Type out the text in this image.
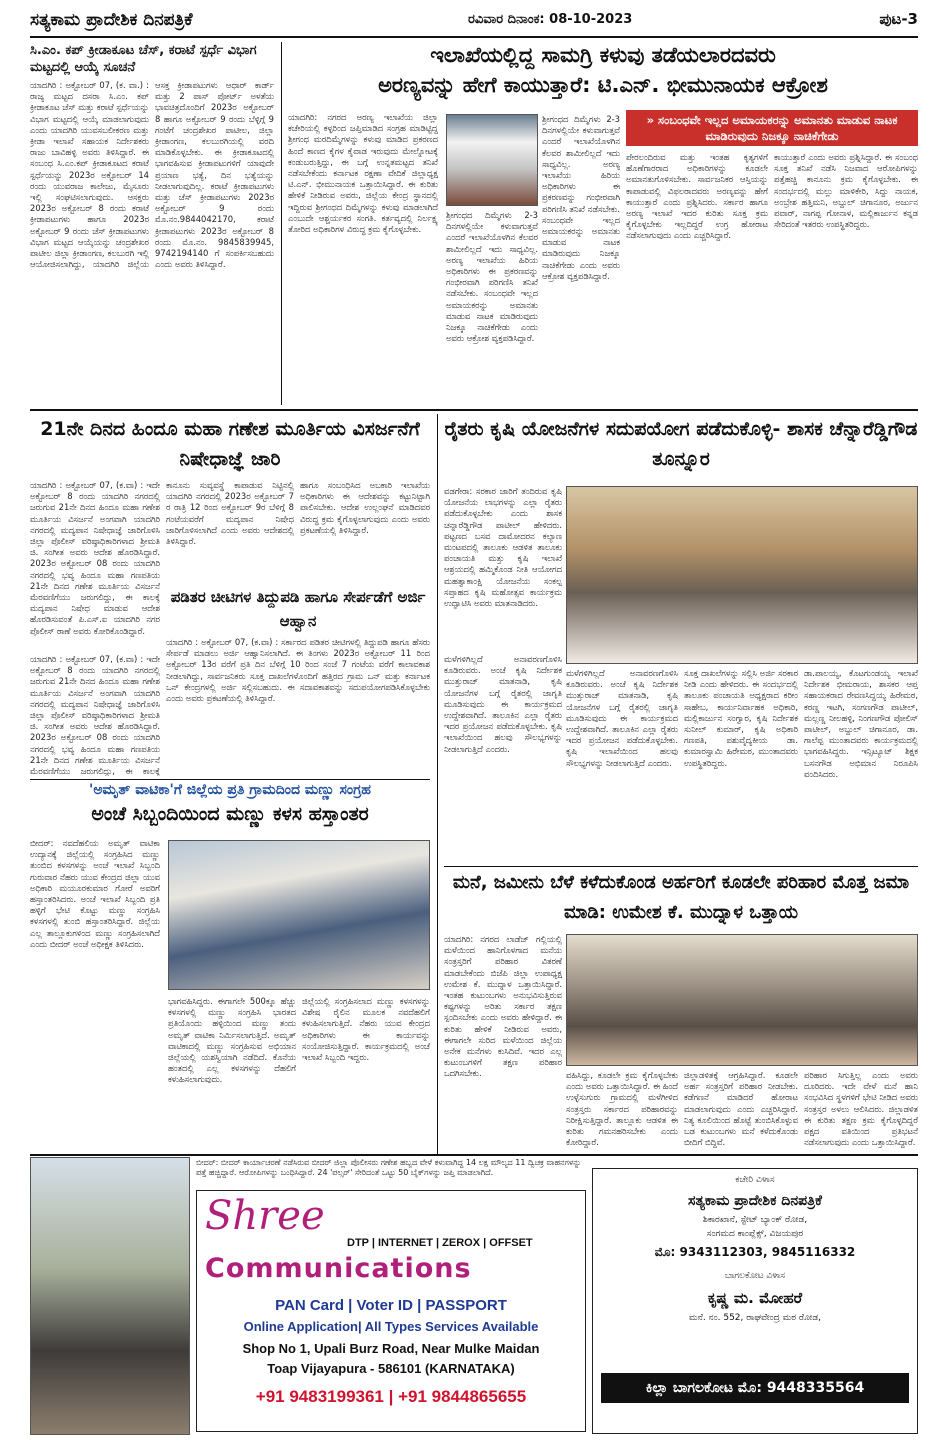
ಸತ್ಯಕಾಮ ಪ್ರಾದೇಶಿಕ ದಿನಪತ್ರಿಕೆ	ರವಿವಾರ ದಿನಾಂಕ: 08-10-2023	ಪುಟ-3
ಸಿ.ಎಂ. ಕಪ್ ಕ್ರೀಡಾಕೂಟ ಚೆಸ್, ಕರಾಟೆ ಸ್ಪರ್ಧೆ ವಿಭಾಗ ಮಟ್ಟದಲ್ಲಿ ಆಯ್ಕೆ ಸೂಚನೆ
ಯಾದಗಿರಿ : ಅಕ್ಟೋಬರ್ 07, (ಕ. ವಾ.) : ರಾಜ್ಯ ಮಟ್ಟದ ದಸರಾ ಸಿ.ಎಂ. ಕಪ್ ಕ್ರೀಡಾಕೂಟ ಚೆಸ್ ಮತ್ತು ಕರಾಟೆ ಸ್ಪರ್ಧೆಯನ್ನು ವಿಭಾಗ ಮಟ್ಟದಲ್ಲಿ ಆಯ್ಕೆ ಮಾಡಲಾಗುವುದು ಎಂದು ಯಾದಗಿರಿ ಯುವಸಬಲೀಕರಣ ಮತ್ತು ಕ್ರೀಡಾ ಇಲಾಖೆ ಸಹಾಯಕ ನಿರ್ದೇಶಕರು ರಾಜು ಬಾವಿಹಳ್ಳಿ ಅವರು ತಿಳಿಸಿದ್ದಾರೆ. ಈ ಸಂಬಂಧ ಸಿ.ಎಂ.ಕಪ್ ಕ್ರೀಡಾಕೂಟದ ಕರಾಟೆ ಸ್ಪರ್ಧೆಯನ್ನು 2023ರ ಅಕ್ಟೋಬರ್ 14 ರಂದು ಯುವರಾಜ ಕಾಲೇಜು, ಮೈಸೂರು ಇಲ್ಲಿ ಸಂಘಟಿಸಲಾಗುವುದು. ಆಸಕ್ತರು 2023ರ ಅಕ್ಟೋಬರ್ 8 ರಂದು ಕರಾಟೆ ಕ್ರೀಡಾಪಟುಗಳು ಹಾಗೂ 2023ರ ಅಕ್ಟೋಬರ್ 9 ರಂದು ಚೆಸ್ ಕ್ರೀಡಾಪಟುಗಳು ವಿಭಾಗ ಮಟ್ಟದ ಆಯ್ಕೆಯನ್ನು ಚಂದ್ರಶೇಖರ ಪಾಟೀಲ ಜಿಲ್ಲಾ ಕ್ರೀಡಾಂಗಣ, ಕಲಬುರಗಿ ಇಲ್ಲಿ ಆಯೋಜಿಸಲಾಗಿದ್ದು, ಯಾದಗಿರಿ ಜಿಲ್ಲೆಯ ಆಸಕ್ತ ಕ್ರೀಡಾಪಟುಗಳು ಆಧಾರ್ ಕಾರ್ಡ್ ಮತ್ತು 2 ಪಾಸ್ ಪೋರ್ಟ್ ಅಳತೆಯ ಭಾವಚಿತ್ರದೊಂದಿಗೆ 2023ರ ಅಕ್ಟೋಬರ್ 8 ಹಾಗೂ ಅಕ್ಟೋಬರ್ 9 ರಂದು ಬೆಳ್ಳಿಗ್ಗೆ 9 ಗಂಟೆಗೆ ಚಂದ್ರಶೇಖರ ಪಾಟೀಲ, ಜಿಲ್ಲಾ ಕ್ರೀಡಾಂಗಣ, ಕಲಬುರಗಿಯಲ್ಲಿ ವರದಿ ಮಾಡಿಕೊಳ್ಳಬೇಕು. ಈ ಕ್ರೀಡಾಕೂಟದಲ್ಲಿ ಭಾಗವಹಿಸುವ ಕ್ರೀಡಾಪಟುಗಳಿಗೆ ಯಾವುದೇ ಪ್ರಯಾಣ ಭತ್ಯೆ, ದಿನ ಭತ್ಯೆಯನ್ನು ನೀಡಲಾಗುವುದಿಲ್ಲ. ಕರಾಟೆ ಕ್ರೀಡಾಪಟುಗಳು ಮತ್ತು ಚೆಸ್ ಕ್ರೀಡಾಪಟುಗಳು 2023ರ ಅಕ್ಟೋಬರ್ 9 ರಂದು ಮೊ.ನಂ.9844042170, ಕರಾಟೆ ಕ್ರೀಡಾಪಟುಗಳು 2023ರ ಅಕ್ಟೋಬರ್ 8 ರಂದು ಮೊ.ನಂ. 9845839945, 9742194140 ಗೆ ಸಂಪರ್ಕಿಸಬಹುದು ಎಂದು ಅವರು ತಿಳಿಸಿದ್ದಾರೆ.
ಇಲಾಖೆಯಲ್ಲಿದ್ದ ಸಾಮಗ್ರಿ ಕಳುವು ತಡೆಯಲಾರದವರು
ಅರಣ್ಯವನ್ನು ಹೇಗೆ ಕಾಯುತ್ತಾರೆ: ಟಿ.ಎನ್. ಭೀಮುನಾಯಕ ಆಕ್ರೋಶ
ಯಾದಗಿರಿ: ನಗರದ ಅರಣ್ಯ ಇಲಾಖೆಯ ಜಿಲ್ಲಾ ಕಚೇರಿಯಲ್ಲಿ ಕಳ್ಳರಿಂದ ಜಪ್ತಿಮಾಡಿದ ಸಂಗ್ರಹ ಮಾಡಿಟ್ಟಿದ್ದ ಶ್ರೀಗಂಧ ಮರದಿಮ್ಮೆಗಳನ್ನು ಕಳುವು ಮಾಡಿದ ಪ್ರಕರಣದ ಹಿಂದೆ ಕಾಣದ ಕೈಗಳ ಕೈವಾಡ ಇರುವುದು ಮೇಲ್ನೋಟಕ್ಕೆ ಕಂಡುಬರುತ್ತಿದ್ದು, ಈ ಬಗ್ಗೆ ಉನ್ನತಮಟ್ಟದ ತನಿಖೆ ನಡೆಸಬೇಕೆಂದು ಕರ್ನಾಟಕ ರಕ್ಷಣಾ ವೇದಿಕೆ ಜಿಲ್ಲಾಧ್ಯಕ್ಷ ಟಿ.ಎನ್. ಭೀಮುನಾಯಕ ಒತ್ತಾಯಿಸಿದ್ದಾರೆ. ಈ ಕುರಿತು ಹೇಳಿಕೆ ನೀಡಿರುವ ಅವರು, ಜಿಲ್ಲೆಯ ಕೇಂದ್ರ ಸ್ಥಾನದಲ್ಲಿ ಇದ್ದಿರುವ ಶ್ರೀಗಂಧದ ದಿಮ್ಮೆಗಳನ್ನು ಕಳುವು ಮಾಡಲಾಗಿದೆ ಎಂಬುದೇ ಆಶ್ಚರ್ಯಕರ ಸಂಗತಿ. ಕರ್ತವ್ಯದಲ್ಲಿ ನಿರ್ಲಕ್ಷ್ಯ ತೋರಿದ ಅಧಿಕಾರಿಗಳ ವಿರುದ್ಧ ಕ್ರಮ ಕೈಗೊಳ್ಳಬೇಕು.
ಶ್ರೀಗಂಧದ ದಿಮ್ಮೆಗಳು 2-3 ದಿನಗಳಲ್ಲಿಯೇ ಕಳುವಾಗುತ್ತವೆ ಎಂದರೆ ಇಲಾಖೆಯೊಳಗಿನ ಕೆಲವರ ಶಾಮೀಲಿಲ್ಲದೆ ಇದು ಸಾಧ್ಯವಿಲ್ಲ. ಅರಣ್ಯ ಇಲಾಖೆಯ ಹಿರಿಯ ಅಧಿಕಾರಿಗಳು ಈ ಪ್ರಕರಣವನ್ನು ಗಂಭೀರವಾಗಿ ಪರಿಗಣಿಸಿ ತನಿಖೆ ನಡೆಸಬೇಕು. ಸಂಬಂಧವೇ ಇಲ್ಲದ ಅಮಾಯಕರನ್ನು ಅಮಾನತು ಮಾಡುವ ನಾಟಕ ಮಾಡಿರುವುದು ನಿಜಕ್ಕೂ ನಾಚಿಕೆಗೇಡು ಎಂದು ಅವರು ಆಕ್ರೋಶ ವ್ಯಕ್ತಪಡಿಸಿದ್ದಾರೆ.
ಶ್ರೀಗಂಧದ ದಿಮ್ಮೆಗಳು 2-3 ದಿನಗಳಲ್ಲಿಯೇ ಕಳುವಾಗುತ್ತವೆ ಎಂದರೆ ಇಲಾಖೆಯೊಳಗಿನ ಕೆಲವರ ಶಾಮೀಲಿಲ್ಲದೆ ಇದು ಸಾಧ್ಯವಿಲ್ಲ. ಅರಣ್ಯ ಇಲಾಖೆಯ ಹಿರಿಯ ಅಧಿಕಾರಿಗಳು ಈ ಪ್ರಕರಣವನ್ನು ಗಂಭೀರವಾಗಿ ಪರಿಗಣಿಸಿ ತನಿಖೆ ನಡೆಸಬೇಕು. ಸಂಬಂಧವೇ ಇಲ್ಲದ ಅಮಾಯಕರನ್ನು ಅಮಾನತು ಮಾಡುವ ನಾಟಕ ಮಾಡಿರುವುದು ನಿಜಕ್ಕೂ ನಾಚಿಕೆಗೇಡು ಎಂದು ಅವರು ಆಕ್ರೋಶ ವ್ಯಕ್ತಪಡಿಸಿದ್ದಾರೆ.
» ಸಂಬಂಧವೇ ಇಲ್ಲದ ಅಮಾಯಕರನ್ನು ಅಮಾನತು ಮಾಡುವ ನಾಟಕ ಮಾಡಿರುವುದು ನಿಜಕ್ಕೂ ನಾಚಿಕೆಗೇಡು
ಪೇರಲಂದಿರುವ ಮತ್ತು ಇಂತಹ ಕೃತ್ಯಗಳಿಗೆ ಹೊಣೆಗಾರರಾದ ಅಧಿಕಾರಿಗಳನ್ನು ಕೂಡಲೇ ಅಮಾನತುಗೊಳಿಸಬೇಕು. ಸಾರ್ವಜನಿಕರ ಆಸ್ತಿಯನ್ನು ಕಾಪಾಡುವಲ್ಲಿ ವಿಫಲರಾದವರು ಅರಣ್ಯವನ್ನು ಹೇಗೆ ಕಾಯುತ್ತಾರೆ ಎಂದು ಪ್ರಶ್ನಿಸಿದರು. ಸರ್ಕಾರ ಹಾಗೂ ಅರಣ್ಯ ಇಲಾಖೆ ಇದರ ಕುರಿತು ಸೂಕ್ತ ಕ್ರಮ ಕೈಗೊಳ್ಳಬೇಕು ಇಲ್ಲದಿದ್ದರೆ ಉಗ್ರ ಹೋರಾಟ ನಡೆಸಲಾಗುವುದು ಎಂದು ಎಚ್ಚರಿಸಿದ್ದಾರೆ.
ಕಾಯುತ್ತಾರೆ ಎಂದು ಅವರು ಪ್ರಶ್ನಿಸಿದ್ದಾರೆ. ಈ ಸಂಬಂಧ ಸೂಕ್ತ ತನಿಖೆ ನಡೆಸಿ ನಿಜವಾದ ಆರೋಪಿಗಳನ್ನು ಪತ್ತೆಹಚ್ಚಿ ಕಾನೂನು ಕ್ರಮ ಕೈಗೊಳ್ಳಬೇಕು. ಈ ಸಂದರ್ಭದಲ್ಲಿ ಮಲ್ಲು ಮಾಳಿಕೇರಿ, ಸಿದ್ದು ನಾಯಕ, ಅಂಬ್ರೇಶ ಹತ್ತಿಮನಿ, ಅಬ್ದುಲ್ ಚಿಗಾನೂರ, ಅರ್ಜುನ ಪವಾರ್, ನಾಗಪ್ಪ ಗೋನಾಳ, ಮಲ್ಲಿಕಾರ್ಜುನ ಕನ್ನಡ ಸೇರಿದಂತೆ ಇತರರು ಉಪಸ್ಥಿತರಿದ್ದರು.
21ನೇ ದಿನದ ಹಿಂದೂ ಮಹಾ ಗಣೇಶ ಮೂರ್ತಿಯ ವಿಸರ್ಜನೆಗೆ ನಿಷೇಧಾಜ್ಞೆ ಜಾರಿ
ಯಾದಗಿರಿ : ಅಕ್ಟೋಬರ್ 07, (ಕ.ವಾ) : ಇದೇ ಅಕ್ಟೋಬರ್ 8 ರಂದು ಯಾದಗಿರಿ ನಗರದಲ್ಲಿ ಜರುಗುವ 21ನೇ ದಿನದ ಹಿಂದೂ ಮಹಾ ಗಣೇಶ ಮೂರ್ತಿಯ ವಿಸರ್ಜನೆ ಅಂಗವಾಗಿ ಯಾದಗಿರಿ ನಗರದಲ್ಲಿ ಮದ್ಯಪಾನ ನಿಷೇಧಾಜ್ಞೆ ಜಾರಿಗೊಳಿಸಿ ಜಿಲ್ಲಾ ಪೊಲೀಸ್ ವರಿಷ್ಠಾಧಿಕಾರಿಗಳಾದ ಶ್ರೀಮತಿ ಜಿ. ಸಂಗೀತ ಅವರು ಆದೇಶ ಹೊರಡಿಸಿದ್ದಾರೆ. 2023ರ ಅಕ್ಟೋಬರ್ 08 ರಂದು ಯಾದಗಿರಿ ನಗರದಲ್ಲಿ ಭವ್ಯ ಹಿಂದೂ ಮಹಾ ಗಣಪತಿಯ 21ನೇ ದಿನದ ಗಣೇಶ ಮೂರ್ತಿಯ ವಿಸರ್ಜನೆ ಮೆರವಣಿಗೆಯು ಜರುಗಲಿದ್ದು, ಈ ಕಾಲಕ್ಕೆ ಮದ್ಯಪಾನ ನಿಷೇಧ ಮಾಡುವ ಆದೇಶ ಹೊರಡಿಸುವಂತೆ ಪಿ.ಎಸ್.ಐ ಯಾದಗಿರಿ ನಗರ ಪೊಲೀಸ್ ಠಾಣೆ ಅವರು ಕೋರಿಕೊಂಡಿದ್ದಾರೆ.
ಕಾನೂನು ಸುವ್ಯವಸ್ಥೆ ಕಾಪಾಡುವ ನಿಟ್ಟಿನಲ್ಲಿ ಯಾದಗಿರಿ ನಗರದಲ್ಲಿ 2023ರ ಅಕ್ಟೋಬರ್ 7 ರ ರಾತ್ರಿ 12 ರಿಂದ ಅಕ್ಟೋಬರ್ 9ರ ಬೆಳಿಗ್ಗೆ 8 ಗಂಟೆಯವರೆಗೆ ಮದ್ಯಪಾನ ನಿಷೇಧ ಜಾರಿಗೊಳಿಸಲಾಗಿದೆ ಎಂದು ಅವರು ಆದೇಶದಲ್ಲಿ ತಿಳಿಸಿದ್ದಾರೆ.
ಹಾಗೂ ಸಂಬಂಧಿಸಿದ ಅಬಕಾರಿ ಇಲಾಖೆಯ ಅಧಿಕಾರಿಗಳು ಈ ಆದೇಶವನ್ನು ಕಟ್ಟುನಿಟ್ಟಾಗಿ ಪಾಲಿಸಬೇಕು. ಆದೇಶ ಉಲ್ಲಂಘನೆ ಮಾಡಿದವರ ವಿರುದ್ಧ ಕ್ರಮ ಕೈಗೊಳ್ಳಲಾಗುವುದು ಎಂದು ಅವರು ಪ್ರಕಟಣೆಯಲ್ಲಿ ತಿಳಿಸಿದ್ದಾರೆ.
ಪಡಿತರ ಚೀಟಿಗಳ ತಿದ್ದುಪಡಿ ಹಾಗೂ ಸೇರ್ಪಡೆಗೆ ಅರ್ಜಿ ಆಹ್ವಾನ
ಯಾದಗಿರಿ : ಅಕ್ಟೋಬರ್ 07, (ಕ.ವಾ) : ಸರ್ಕಾರದ ಪಡಿತರ ಚೀಟಿಗಳಲ್ಲಿ ತಿದ್ದುಪಡಿ ಹಾಗೂ ಹೆಸರು ಸೇರ್ಪಡೆ ಮಾಡಲು ಅರ್ಜಿ ಆಹ್ವಾನಿಸಲಾಗಿದೆ. ಈ ತಿಂಗಳು 2023ರ ಅಕ್ಟೋಬರ್ 11 ರಿಂದ ಅಕ್ಟೋಬರ್ 13ರ ವರೆಗೆ ಪ್ರತಿ ದಿನ ಬೆಳಿಗ್ಗೆ 10 ರಿಂದ ಸಂಜೆ 7 ಗಂಟೆಯ ವರೆಗೆ ಕಾಲಾವಕಾಶ ನೀಡಲಾಗಿದ್ದು, ಸಾರ್ವಜನಿಕರು ಸೂಕ್ತ ದಾಖಲೆಗಳೊಂದಿಗೆ ಹತ್ತಿರದ ಗ್ರಾಮ ಒನ್ ಮತ್ತು ಕರ್ನಾಟಕ ಒನ್ ಕೇಂದ್ರಗಳಲ್ಲಿ ಅರ್ಜಿ ಸಲ್ಲಿಸಬಹುದು. ಈ ಸದಾವಕಾಶವನ್ನು ಸದುಪಯೋಗಪಡಿಸಿಕೊಳ್ಳಬೇಕು ಎಂದು ಅವರು ಪ್ರಕಟಣೆಯಲ್ಲಿ ತಿಳಿಸಿದ್ದಾರೆ.
ಯಾದಗಿರಿ : ಅಕ್ಟೋಬರ್ 07, (ಕ.ವಾ) : ಇದೇ ಅಕ್ಟೋಬರ್ 8 ರಂದು ಯಾದಗಿರಿ ನಗರದಲ್ಲಿ ಜರುಗುವ 21ನೇ ದಿನದ ಹಿಂದೂ ಮಹಾ ಗಣೇಶ ಮೂರ್ತಿಯ ವಿಸರ್ಜನೆ ಅಂಗವಾಗಿ ಯಾದಗಿರಿ ನಗರದಲ್ಲಿ ಮದ್ಯಪಾನ ನಿಷೇಧಾಜ್ಞೆ ಜಾರಿಗೊಳಿಸಿ ಜಿಲ್ಲಾ ಪೊಲೀಸ್ ವರಿಷ್ಠಾಧಿಕಾರಿಗಳಾದ ಶ್ರೀಮತಿ ಜಿ. ಸಂಗೀತ ಅವರು ಆದೇಶ ಹೊರಡಿಸಿದ್ದಾರೆ. 2023ರ ಅಕ್ಟೋಬರ್ 08 ರಂದು ಯಾದಗಿರಿ ನಗರದಲ್ಲಿ ಭವ್ಯ ಹಿಂದೂ ಮಹಾ ಗಣಪತಿಯ 21ನೇ ದಿನದ ಗಣೇಶ ಮೂರ್ತಿಯ ವಿಸರ್ಜನೆ ಮೆರವಣಿಗೆಯು ಜರುಗಲಿದ್ದು, ಈ ಕಾಲಕ್ಕೆ
'ಅಮೃತ್ ವಾಟಿಕಾ'ಗೆ ಜಿಲ್ಲೆಯ ಪ್ರತಿ ಗ್ರಾಮದಿಂದ ಮಣ್ಣು ಸಂಗ್ರಹ
ಅಂಚೆ ಸಿಬ್ಬಂದಿಯಿಂದ ಮಣ್ಣು ಕಳಸ ಹಸ್ತಾಂತರ
ಬೀದರ್: ನವದೆಹಲಿಯ ಅಮೃತ್ ವಾಟಿಕಾ ಉದ್ಯಾನಕ್ಕೆ ಜಿಲ್ಲೆಯಲ್ಲಿ ಸಂಗ್ರಹಿಸಿದ ಮಣ್ಣು ತುಂಬಿದ ಕಳಸಗಳನ್ನು ಅಂಚೆ ಇಲಾಖೆ ಸಿಬ್ಬಂದಿ ಗುರುವಾರ ನೆಹರು ಯುವ ಕೇಂದ್ರದ ಜಿಲ್ಲಾ ಯುವ ಅಧಿಕಾರಿ ಮಯೂರಕುಮಾರ ಗೋರೆ ಅವರಿಗೆ ಹಸ್ತಾಂತರಿಸಿದರು. ಅಂಚೆ ಇಲಾಖೆ ಸಿಬ್ಬಂದಿ ಪ್ರತಿ ಹಳ್ಳಿಗೆ ಭೇಟಿ ಕೊಟ್ಟು ಮಣ್ಣು ಸಂಗ್ರಹಿಸಿ ಕಳಸಗಳಲ್ಲಿ ತುಂಬಿ ಹಸ್ತಾಂತರಿಸಿದ್ದಾರೆ. ಜಿಲ್ಲೆಯ ಎಲ್ಲ ತಾಲ್ಲೂಕುಗಳಿಂದ ಮಣ್ಣು ಸಂಗ್ರಹಿಸಲಾಗಿದೆ ಎಂದು ಬೀದರ್ ಅಂಚೆ ಅಧೀಕ್ಷಕ ತಿಳಿಸಿದರು.
ಭಾಗವಹಿಸಿದ್ದರು. ಈಗಾಗಲೇ 500ಕ್ಕೂ ಹೆಚ್ಚು ಕಳಸಗಳಲ್ಲಿ ಮಣ್ಣು ಸಂಗ್ರಹಿಸಿ ಭಾರತದ ಪ್ರತಿಯೊಂದು ಹಳ್ಳಿಯಿಂದ ಮಣ್ಣು ತಂದು ಅಮೃತ್ ವಾಟಿಕಾ ನಿರ್ಮಿಸಲಾಗುತ್ತಿದೆ. ಅಮೃತ್ ವಾಟಿಕಾದಲ್ಲಿ ಮಣ್ಣು ಸಂಗ್ರಹಿಸುವ ಅಭಿಯಾನ ಜಿಲ್ಲೆಯಲ್ಲಿ ಯಶಸ್ವಿಯಾಗಿ ನಡೆದಿದೆ. ಕೊನೆಯ ಹಂತದಲ್ಲಿ ಎಲ್ಲ ಕಳಸಗಳನ್ನು ದೆಹಲಿಗೆ ಕಳುಹಿಸಲಾಗುವುದು.
ಜಿಲ್ಲೆಯಲ್ಲಿ ಸಂಗ್ರಹಿಸಲಾದ ಮಣ್ಣು ಕಳಸಗಳನ್ನು ವಿಶೇಷ ರೈಲಿನ ಮೂಲಕ ನವದೆಹಲಿಗೆ ಕಳುಹಿಸಲಾಗುತ್ತಿದೆ. ನೆಹರು ಯುವ ಕೇಂದ್ರದ ಅಧಿಕಾರಿಗಳು ಈ ಕಾರ್ಯವನ್ನು ಸಂಯೋಜಿಸುತ್ತಿದ್ದಾರೆ. ಕಾರ್ಯಕ್ರಮದಲ್ಲಿ ಅಂಚೆ ಇಲಾಖೆ ಸಿಬ್ಬಂದಿ ಇದ್ದರು.
ರೈತರು ಕೃಷಿ ಯೋಜನೆಗಳ ಸದುಪಯೋಗ ಪಡೆದುಕೊಳ್ಳಿ- ಶಾಸಕ ಚೆನ್ನಾರೆಡ್ಡಿಗೌಡ ತೂನ್ನೂರ
ವಡಗೇರಾ: ಸರಕಾರ ಜಾರಿಗೆ ತಂದಿರುವ ಕೃಷಿ ಯೋಜನೆಯ ಲಾಭಗಳನ್ನು ಎಲ್ಲಾ ರೈತರು ಪಡೆದುಕೊಳ್ಳಬೇಕು ಎಂದು ಶಾಸಕ ಚನ್ನಾರೆಡ್ಡಿಗೌಡ ಪಾಟೀಲ್ ಹೇಳಿದರು. ಪಟ್ಟಣದ ಬಸವ ದಾಮೋದರನ ಕಲ್ಯಾಣ ಮಂಟಪದಲ್ಲಿ ತಾಲೂಕು ಆಡಳಿತ ತಾಲೂಕು ಪಂಚಾಯತಿ ಮತ್ತು ಕೃಷಿ ಇಲಾಖೆ ಆಶ್ರಯದಲ್ಲಿ ಹಮ್ಮಿಕೊಂಡ ನೀತಿ ಆಯೋಗದ ಮಹತ್ವಾಕಾಂಕ್ಷಿ ಯೋಜನೆಯ ಸಂಕಲ್ಪ ಸಪ್ತಾಹದ ಕೃಷಿ ಮಹೋತ್ಸವ ಕಾರ್ಯಕ್ರಮ ಉದ್ಘಾಟಿಸಿ ಅವರು ಮಾತನಾಡಿದರು.
ಮಳೆಗಳಿಗಿಲ್ಲದೆ ಅನಾವರಣಗೊಳಿಸಿ ಕೂಡಿರುವರು. ಅಂಚೆ ಕೃಷಿ ನಿರ್ದೇಶಕ ಮುತ್ತುರಾಜ್ ಮಾತನಾಡಿ, ಕೃಷಿ ಯೋಜನೆಗಳ ಬಗ್ಗೆ ರೈತರಲ್ಲಿ ಜಾಗೃತಿ ಮೂಡಿಸುವುದು ಈ ಕಾರ್ಯಕ್ರಮದ ಉದ್ದೇಶವಾಗಿದೆ. ತಾಲೂಕಿನ ಎಲ್ಲಾ ರೈತರು ಇದರ ಪ್ರಯೋಜನ ಪಡೆದುಕೊಳ್ಳಬೇಕು. ಕೃಷಿ ಇಲಾಖೆಯಿಂದ ಹಲವು ಸೌಲಭ್ಯಗಳನ್ನು ನೀಡಲಾಗುತ್ತಿದೆ ಎಂದರು.
ಮಳೆಗಳಿಗಿಲ್ಲದೆ ಅನಾವರಣಗೊಳಿಸಿ ಕೂಡಿರುವರು. ಅಂಚೆ ಕೃಷಿ ನಿರ್ದೇಶಕ ಮುತ್ತುರಾಜ್ ಮಾತನಾಡಿ, ಕೃಷಿ ಯೋಜನೆಗಳ ಬಗ್ಗೆ ರೈತರಲ್ಲಿ ಜಾಗೃತಿ ಮೂಡಿಸುವುದು ಈ ಕಾರ್ಯಕ್ರಮದ ಉದ್ದೇಶವಾಗಿದೆ. ತಾಲೂಕಿನ ಎಲ್ಲಾ ರೈತರು ಇದರ ಪ್ರಯೋಜನ ಪಡೆದುಕೊಳ್ಳಬೇಕು. ಕೃಷಿ ಇಲಾಖೆಯಿಂದ ಹಲವು ಸೌಲಭ್ಯಗಳನ್ನು ನೀಡಲಾಗುತ್ತಿದೆ ಎಂದರು.
ಸೂಕ್ತ ದಾಖಲೆಗಳನ್ನು ಸಲ್ಲಿಸಿ ಅರ್ಜಿ ಸರಕಾರ ನೀಡಿ ಎಂದು ಹೇಳಿದರು. ಈ ಸಂದರ್ಭದಲ್ಲಿ ತಾಲೂಕು ಪಂಚಾಯತಿ ಅಧ್ಯಕ್ಷರಾದ ಕರೀಂ ಸಾಹೇಬ, ಕಾರ್ಯನಿರ್ವಾಹಕ ಅಧಿಕಾರಿ, ಮಲ್ಲಿಕಾರ್ಜುನ ಸಂಗ್ವಾರ, ಕೃಷಿ ನಿರ್ದೇಶಕ ಸುನೀಲ್ ಕುಮಾರ್, ಕೃಷಿ ಅಧಿಕಾರಿ ಗಣಪತಿ, ಪಶುವೈದ್ಯಕೀಯ ಡಾ. ಕುಮಾರಸ್ವಾಮಿ ಹಿರೇಮಠ, ಮುಂತಾದವರು ಉಪಸ್ಥಿತರಿದ್ದರು.
ಡಾ.ಪಾಲಯ್ಯ, ಕೊಟಗುಂಡಯ್ಯ ಇಲಾಖೆ ನಿರ್ದೇಶಕ ಭೀಮರಾಯ, ಶಾಸಕರ ಆಪ್ತ ಸಹಾಯಕರಾದ ರೇವಣಸಿದ್ದಯ್ಯ ಹಿರೇಮಠ, ಕರಣ್ಣ ಇಟಗಿ, ಸಂಗಣಗೌಡ ಪಾಟೀಲ್, ಮಲ್ಲಣ್ಣ ನೀಲಹಳ್ಳಿ, ನಿಂಗಣಗೌಡ ಪೋಲಿಸ್ ಪಾಟೀಲ್, ಅಬ್ದುಲ್ ಚಿಗಾನೂರ, ಡಾ. ಗಾಲೆಪ್ಪ ಮುಂತಾದವರು ಕಾರ್ಯಕ್ರಮದಲ್ಲಿ ಭಾಗವಹಿಸಿದ್ದರು. ಇನ್ಸಿಟ್ಯೂಟ್ ಶಿಕ್ಷಕ ಬಸನಗೌಡ ಅಭಿಮಾನ ನಿರೂಪಿಸಿ ವಂದಿಸಿದರು.
ಮನೆ, ಜಮೀನು ಬೆಳೆ ಕಳೆದುಕೊಂಡ ಅರ್ಹರಿಗೆ ಕೂಡಲೇ ಪರಿಹಾರ ಮೊತ್ತ ಜಮಾ ಮಾಡಿ: ಉಮೇಶ ಕೆ. ಮುದ್ನಾಳ ಒತ್ತಾಯ
ಯಾದಗಿರಿ: ನಗರದ ಲಾಡೆಜ್ ಗಲ್ಲಿಯಲ್ಲಿ ಮಳೆಯಿಂದ ಹಾನಿಗೊಳಗಾದ ಮನೆಯ ಸಂತ್ರಸ್ತರಿಗೆ ಪರಿಹಾರ ವಿತರಣೆ ಮಾಡಬೇಕೆಂದು ಬಿಜೆಪಿ ಜಿಲ್ಲಾ ಉಪಾಧ್ಯಕ್ಷ ಉಮೇಶ ಕೆ. ಮುದ್ನಾಳ ಒತ್ತಾಯಿಸಿದ್ದಾರೆ. ಇಂತಹ ಕುಟುಂಬಗಳು ಅನುಭವಿಸುತ್ತಿರುವ ಕಷ್ಟಗಳನ್ನು ಅರಿತು ಸರ್ಕಾರ ತಕ್ಷಣ ಸ್ಪಂದಿಸಬೇಕು ಎಂದು ಅವರು ಹೇಳಿದ್ದಾರೆ. ಈ ಕುರಿತು ಹೇಳಿಕೆ ನೀಡಿರುವ ಅವರು, ಈಗಾಗಲೇ ಸುರಿದ ಮಳೆಯಿಂದ ಜಿಲ್ಲೆಯ ಅನೇಕ ಮನೆಗಳು ಕುಸಿದಿವೆ. ಇದರ ಎಲ್ಲ ಕುಟುಂಬಗಳಿಗೆ ತಕ್ಷಣ ಪರಿಹಾರ ಒದಗಿಸಬೇಕು.	ವಹಿಸಿದ್ದು, ಕೂಡಲೇ ಕ್ರಮ ಕೈಗೊಳ್ಳಬೇಕು ಎಂದು ಅವರು ಒತ್ತಾಯಿಸಿದ್ದಾರೆ. ಈ ಹಿಂದೆ ಉಳ್ಳೆಸುಗುರು ಗ್ರಾಮದಲ್ಲಿ ಮಳೆಗೀಳಿದ ಸಂತ್ರಸ್ತರು ಸರ್ಕಾರದ ಪರಿಹಾರವನ್ನು ನಿರೀಕ್ಷಿಸುತ್ತಿದ್ದಾರೆ. ತಾಲ್ಲೂಕು ಆಡಳಿತ ಈ ಕುರಿತು ಗಮನಹರಿಸಬೇಕು ಎಂದು ಕೋರಿದ್ದಾರೆ.
ಜಿಲ್ಲಾಡಳಿತಕ್ಕೆ ಆಗ್ರಹಿಸಿದ್ದಾರೆ. ಕೂಡಲೇ ಅರ್ಹ ಸಂತ್ರಸ್ತರಿಗೆ ಪರಿಹಾರ ನೀಡಬೇಕು. ಕಡೆಗಣನೆ ಮಾಡಿದರೆ ಹೋರಾಟ ಮಾಡಲಾಗುವುದು ಎಂದು ಎಚ್ಚರಿಸಿದ್ದಾರೆ. ನಿತ್ಯ ಕೂಲಿಯಿಂದ ಹೊಟ್ಟೆ ತುಂಬಿಸಿಕೊಳ್ಳುವ ಬಡ ಕುಟುಂಬಗಳು ಮನೆ ಕಳೆದುಕೊಂಡು ಬೀದಿಗೆ ಬಿದ್ದಿವೆ.
ಪರಿಹಾರ ಸಿಗುತ್ತಿಲ್ಲ ಎಂದು ಅವರು ದೂರಿದರು. ಇದೇ ವೇಳೆ ಮನೆ ಹಾನಿ ಸಂಭವಿಸಿದ ಸ್ಥಳಗಳಿಗೆ ಭೇಟಿ ನೀಡಿದ ಅವರು ಸಂತ್ರಸ್ತರ ಅಳಲು ಆಲಿಸಿದರು. ಜಿಲ್ಲಾಡಳಿತ ಈ ಕುರಿತು ತಕ್ಷಣ ಕ್ರಮ ಕೈಗೊಳ್ಳದಿದ್ದರೆ ಪಕ್ಷದ ವತಿಯಿಂದ ಪ್ರತಿಭಟನೆ ನಡೆಸಲಾಗುವುದು ಎಂದು ಒತ್ತಾಯಿಸಿದ್ದಾರೆ.
ಬೀದರ್: ಬೀದರ್ ಕಾರ್ಯಾಚರಣೆ ನಡೆಸಿರುವ ಬೀದರ್ ಜಿಲ್ಲಾ ಪೊಲೀಸರು ಗಣೇಶ ಹಬ್ಬದ ವೇಳೆ ಕಳುವಾಗಿದ್ದ 14 ಲಕ್ಷ ಮೌಲ್ಯದ 11 ದ್ವಿಚಕ್ರ ವಾಹನಗಳನ್ನು ಪತ್ತೆ ಹಚ್ಚಿದ್ದಾರೆ. ಆರೋಪಿಗಳನ್ನು ಬಂಧಿಸಿದ್ದಾರೆ. 24 'ಪಲ್ಸರ್' ಸೇರಿದಂತೆ ಒಟ್ಟು 50 ಬೈಕ್‌ಗಳನ್ನು ಜಪ್ತಿ ಮಾಡಲಾಗಿದೆ.
Shree
DTP | INTERNET | ZEROX | OFFSET
Communications
PAN Card | Voter ID | PASSPORT
Online Application| All Types Services Available
Shop No 1, Upali Burz Road, Near Mulke Maidan
Toap Vijayapura - 586101 (KARNATAKA)
+91 9483199361 | +91 9844865655
ಕಚೇರಿ ವಿಳಾಸ
ಸತ್ಯಕಾಮ ಪ್ರಾದೇಶಿಕ ದಿನಪತ್ರಿಕೆ
ಶಿಕಾರಖಾನೆ, ಸ್ಟೇಟ್ ಬ್ಯಾಂಕ್ ರೋಡ,
ಸಂಗಮದ ಕಾಂಪ್ಲೆಕ್ಸ್, ವಿಜಯಪುರ
ಮೊ: 9343112303, 9845116332
ಬಾಗಲಕೋಟ ವಿಳಾಸ
ಕೃಷ್ಣ ಮ. ಮೋಹರೆ
ಮನೆ. ನಂ. 552, ರಾಘವೇಂದ್ರ ಮಠ ರೋಡ,
ಕಿಲ್ಲಾ ಬಾಗಲಕೋಟ ಮೊ: 9448335564
